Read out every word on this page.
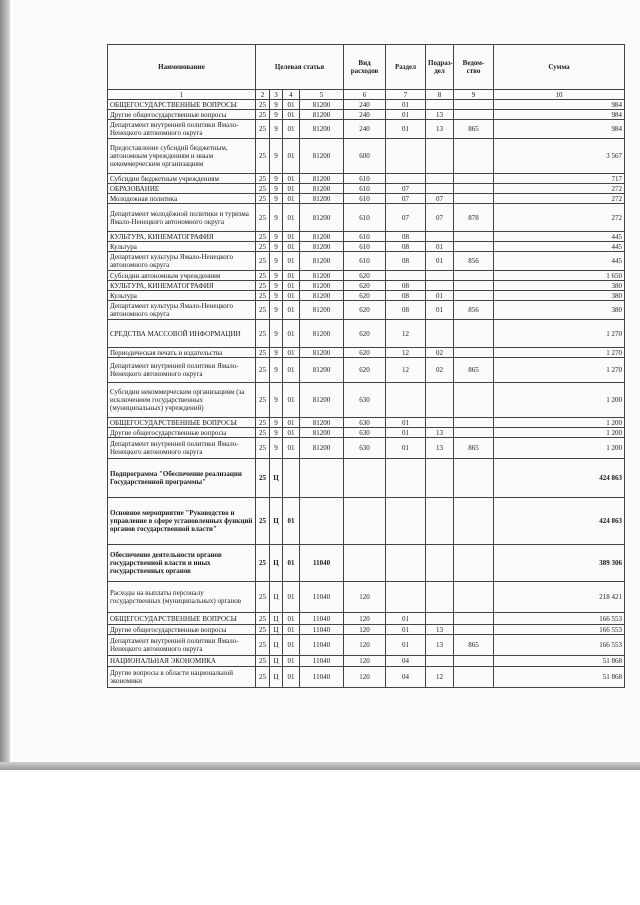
Наименование	Целевая статья				Вид расходов	Раздел	Подраз-дел	Ведом-ство	Сумма
1	2	3	4	5	6	7	8	9	10
ОБЩЕГОСУДАРСТВЕННЫЕ ВОПРОСЫ	25	9	01	81200	240	01			984
Другие общегосударственные вопросы	25	9	01	81200	240	01	13		984
Департамент внутренней политики Ямало-Ненецкого автономного округа	25	9	01	81200	240	01	13	865	984
Предоставление субсидий бюджетным, автономным учреждениям и иным некоммерческим организациям	25	9	01	81200	600				3 567
Субсидии бюджетным учреждениям	25	9	01	81200	610				717
ОБРАЗОВАНИЕ	25	9	01	81200	610	07			272
Молодежная политика	25	9	01	81200	610	07	07		272
Департамент молодёжной политики и туризма Ямало-Ненецкого автономного округа	25	9	01	81200	610	07	07	878	272
КУЛЬТУРА, КИНЕМАТОГРАФИЯ	25	9	01	81200	610	08			445
Культура	25	9	01	81200	610	08	01		445
Департамент культуры Ямало-Ненецкого автономного округа	25	9	01	81200	610	08	01	856	445
Субсидии автономным учреждениям	25	9	01	81200	620				1 650
КУЛЬТУРА, КИНЕМАТОГРАФИЯ	25	9	01	81200	620	08			380
Культура	25	9	01	81200	620	08	01		380
Департамент культуры Ямало-Ненецкого автономного округа	25	9	01	81200	620	08	01	856	380
СРЕДСТВА МАССОВОЙ ИНФОРМАЦИИ	25	9	01	81200	620	12			1 270
Периодическая печать и издательства	25	9	01	81200	620	12	02		1 270
Департамент внутренней политики Ямало-Ненецкого автономного округа	25	9	01	81200	620	12	02	865	1 270
Субсидии некоммерческим организациям (за исключением государственных (муниципальных) учреждений)	25	9	01	81200	630				1 200
ОБЩЕГОСУДАРСТВЕННЫЕ ВОПРОСЫ	25	9	01	81200	630	01			1 200
Другие общегосударственные вопросы	25	9	01	81200	630	01	13		1 200
Департамент внутренней политики Ямало-Ненецкого автономного округа	25	9	01	81200	630	01	13	865	1 200
Подпрограмма "Обеспечение реализации Государственной программы"	25	Ц							424 863
Основное мероприятие "Руководство и управление в сфере установленных функций органов государственной власти"	25	Ц	01						424 863
Обеспечение деятельности органов государственной власти и иных государственных органов	25	Ц	01	11040					389 306
Расходы на выплаты персоналу государственных (муниципальных) органов	25	Ц	01	11040	120				218 421
ОБЩЕГОСУДАРСТВЕННЫЕ ВОПРОСЫ	25	Ц	01	11040	120	01			166 553
Другие общегосударственные вопросы	25	Ц	01	11040	120	01	13		166 553
Департамент внутренней политики Ямало-Ненецкого автономного округа	25	Ц	01	11040	120	01	13	865	166 553
НАЦИОНАЛЬНАЯ ЭКОНОМИКА	25	Ц	01	11040	120	04			51 868
Другие вопросы в области национальной экономики	25	Ц	01	11040	120	04	12		51 868
